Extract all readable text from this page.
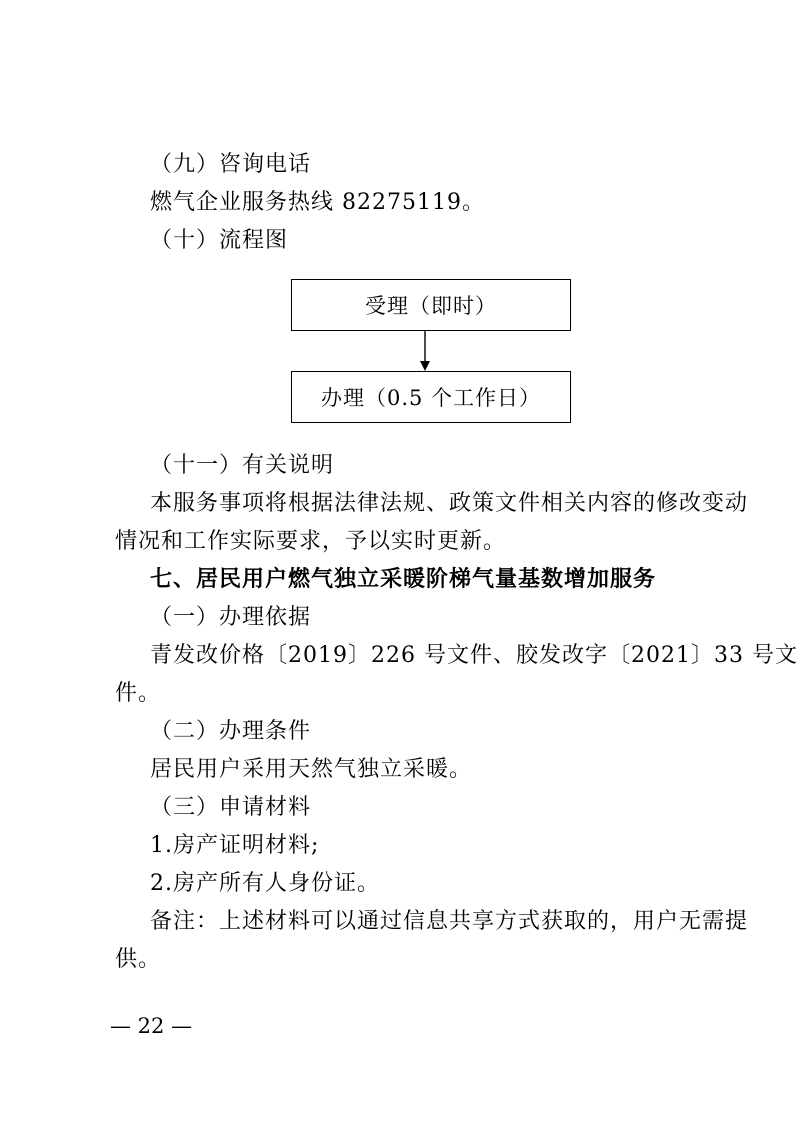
（九）咨询电话
燃气企业服务热线 82275119。
（十）流程图
受理（即时）
办理（0.5 个工作日）
（十一）有关说明
本服务事项将根据法律法规、政策文件相关内容的修改变动
情况和工作实际要求，予以实时更新。
七、居民用户燃气独立采暖阶梯气量基数增加服务
（一）办理依据
青发改价格〔2019〕226 号文件、胶发改字〔2021〕33 号文
件。
（二）办理条件
居民用户采用天然气独立采暖。
（三）申请材料
1.房产证明材料;
2.房产所有人身份证。
备注：上述材料可以通过信息共享方式获取的，用户无需提
供。
— 22 —
